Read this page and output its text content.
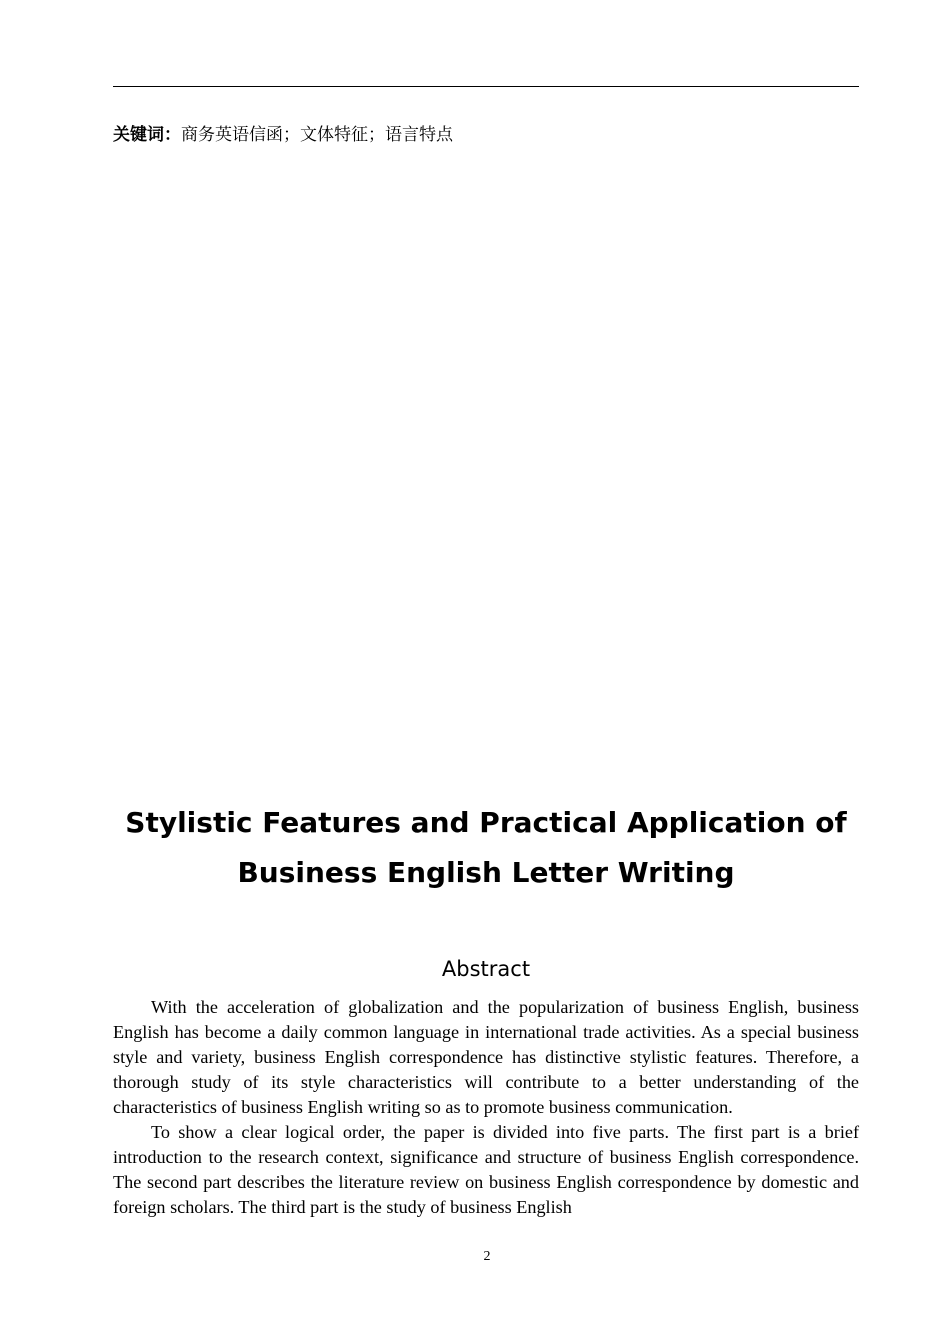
关键词：商务英语信函；文体特征；语言特点
Stylistic Features and Practical Application of
Business English Letter Writing
Abstract

With the acceleration of globalization and the popularization of business English, business English has become a daily common language in international trade activities. As a special business style and variety, business English correspondence has distinctive stylistic features. Therefore, a thorough study of its style characteristics will contribute to a better understanding of the characteristics of business English writing so as to promote business communication.

To show a clear logical order, the paper is divided into five parts. The first part is a brief introduction to the research context, significance and structure of business English correspondence. The second part describes the literature review on business English correspondence by domestic and foreign scholars. The third part is the study of business English

2
